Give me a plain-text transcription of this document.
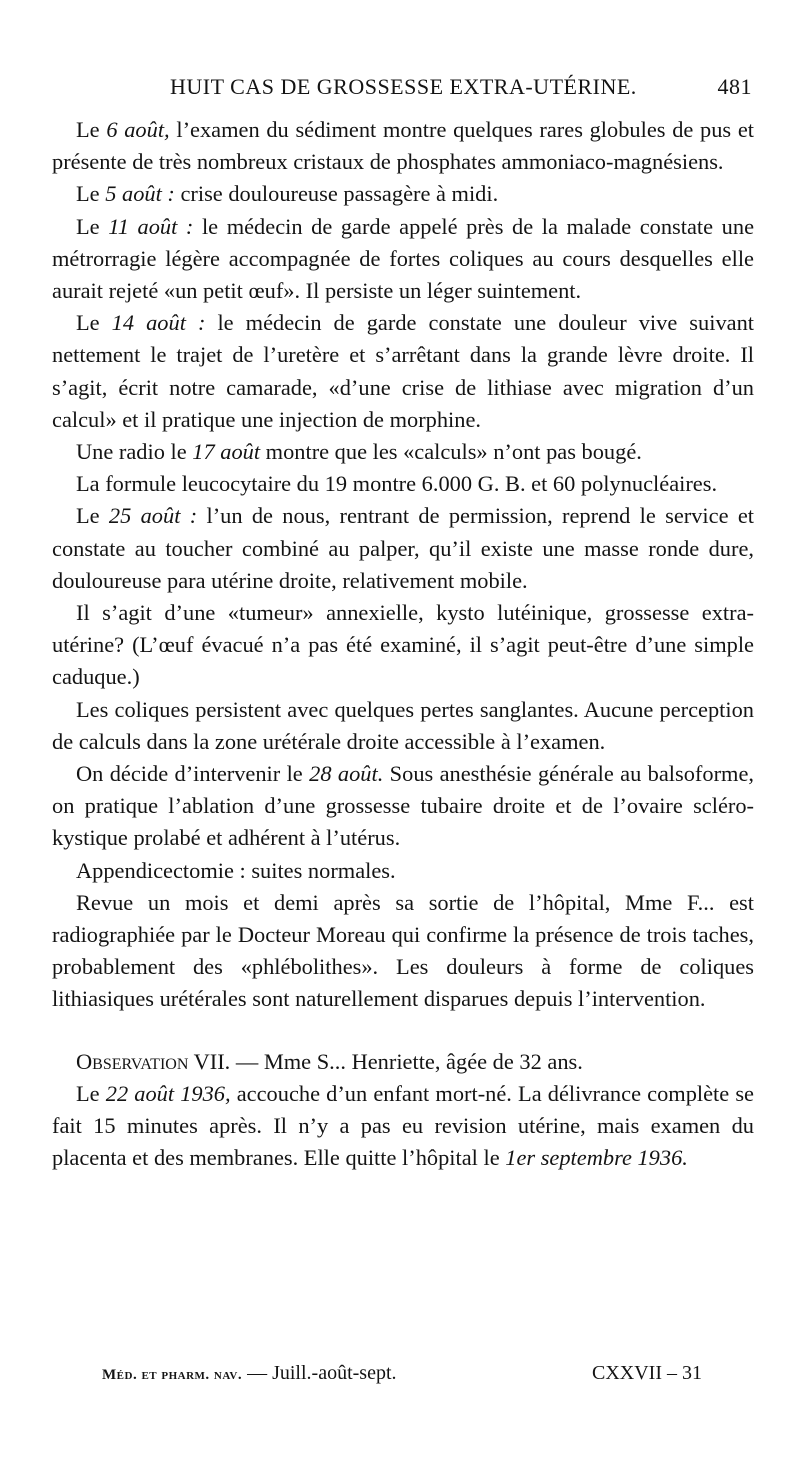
HUIT CAS DE GROSSESSE EXTRA-UTÉRINE.	481

Le 6 août, l’examen du sédiment montre quelques rares globules de pus et présente de très nombreux cristaux de phosphates ammoniaco-magnésiens.

Le 5 août : crise douloureuse passagère à midi.

Le 11 août : le médecin de garde appelé près de la malade constate une métrorragie légère accompagnée de fortes coliques au cours desquelles elle aurait rejeté «un petit œuf». Il persiste un léger suintement.

Le 14 août : le médecin de garde constate une douleur vive suivant nettement le trajet de l’uretère et s’arrêtant dans la grande lèvre droite. Il s’agit, écrit notre camarade, «d’une crise de lithiase avec migration d’un calcul» et il pratique une injection de morphine.

Une radio le 17 août montre que les «calculs» n’ont pas bougé.

La formule leucocytaire du 19 montre 6.000 G. B. et 60 polynucléaires.

Le 25 août : l’un de nous, rentrant de permission, reprend le service et constate au toucher combiné au palper, qu’il existe une masse ronde dure, douloureuse para utérine droite, relativement mobile.

Il s’agit d’une «tumeur» annexielle, kysto lutéinique, grossesse extra-utérine? (L’œuf évacué n’a pas été examiné, il s’agit peut-être d’une simple caduque.)

Les coliques persistent avec quelques pertes sanglantes. Aucune perception de calculs dans la zone urétérale droite accessible à l’examen.

On décide d’intervenir le 28 août. Sous anesthésie générale au balsoforme, on pratique l’ablation d’une grossesse tubaire droite et de l’ovaire scléro-kystique prolabé et adhérent à l’utérus.

Appendicectomie : suites normales.

Revue un mois et demi après sa sortie de l’hôpital, Mme F... est radiographiée par le Docteur Moreau qui confirme la présence de trois taches, probablement des «phlébolithes». Les douleurs à forme de coliques lithiasiques urétérales sont naturellement disparues depuis l’intervention.

Observation VII. — Mme S... Henriette, âgée de 32 ans.

Le 22 août 1936, accouche d’un enfant mort-né. La délivrance complète se fait 15 minutes après. Il n’y a pas eu revision utérine, mais examen du placenta et des membranes. Elle quitte l’hôpital le 1er septembre 1936.

Méd. et pharm. nav. — Juill.-août-sept.	CXXVII – 31
